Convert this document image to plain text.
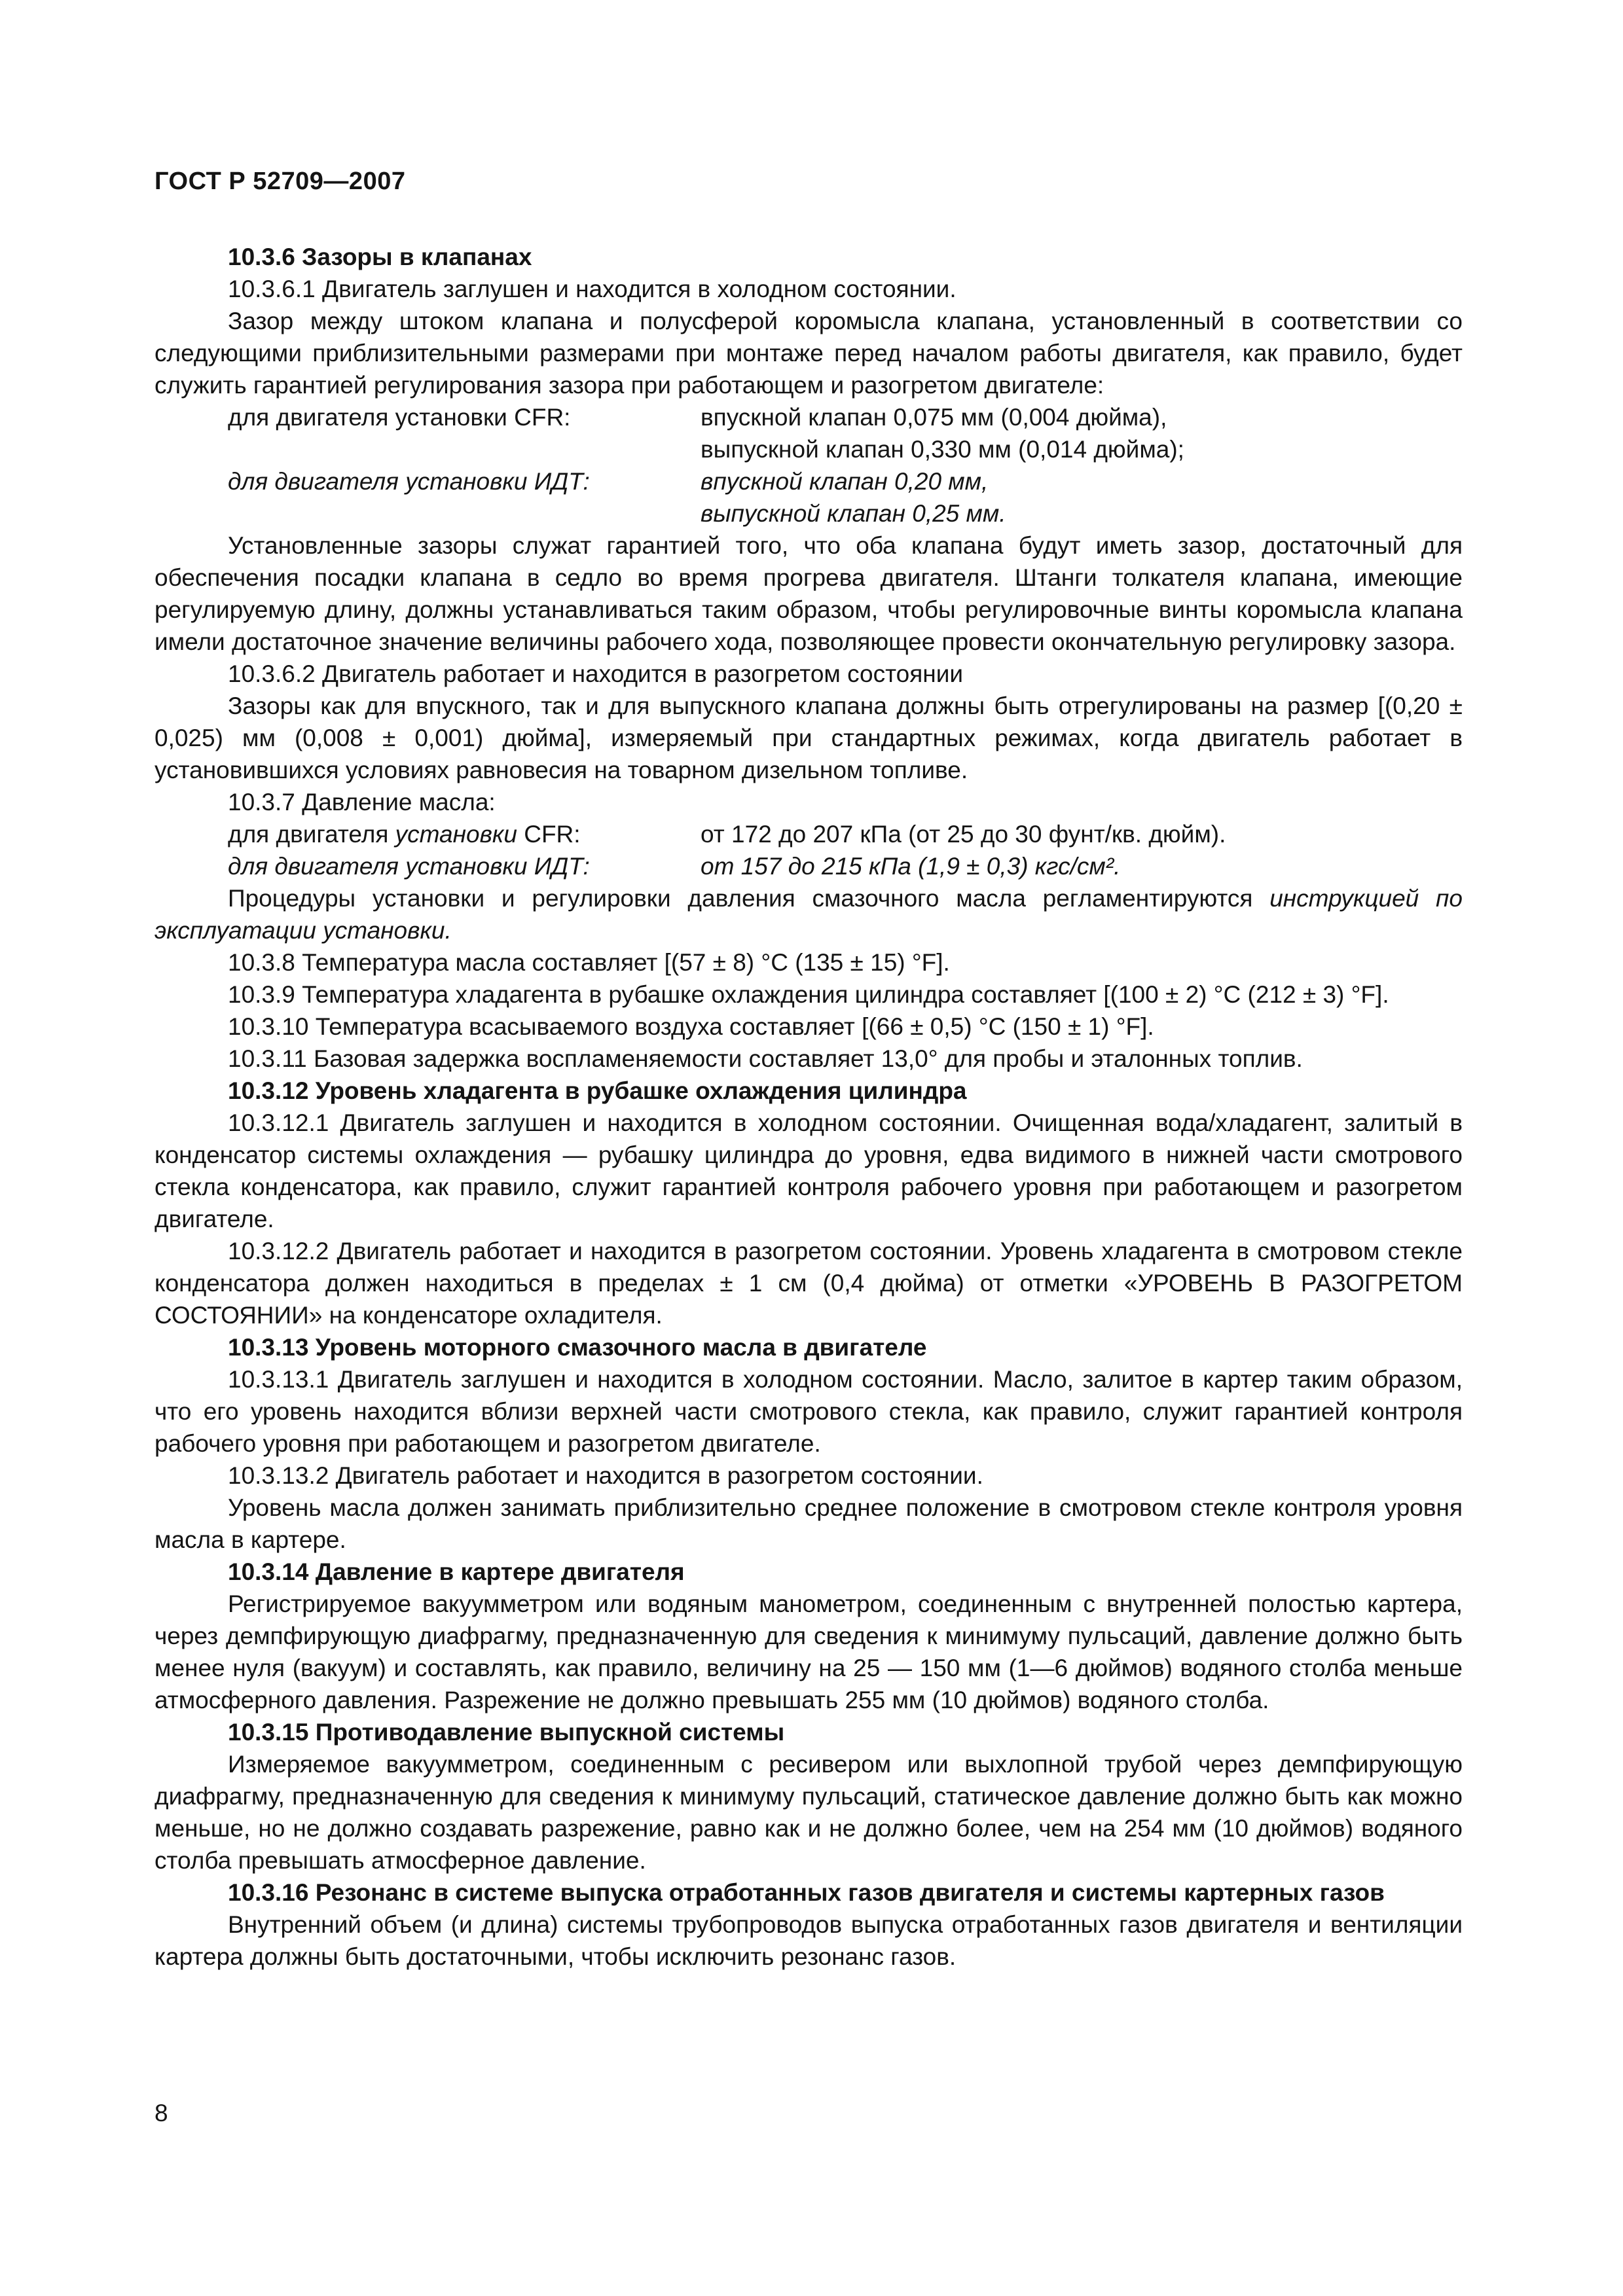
ГОСТ Р 52709—2007

10.3.6 Зазоры в клапанах

10.3.6.1 Двигатель заглушен и находится в холодном состоянии.

Зазор между штоком клапана и полусферой коромысла клапана, установленный в соответствии со следующими приблизительными размерами при монтаже перед началом работы двигателя, как правило, будет служить гарантией регулирования зазора при работающем и разогретом двигателе:

для двигателя установки CFR:	впускной клапан 0,075 мм (0,004 дюйма),
выпускной клапан 0,330 мм (0,014 дюйма);
для двигателя установки ИДТ:	впускной клапан 0,20 мм,
выпускной клапан 0,25 мм.

Установленные зазоры служат гарантией того, что оба клапана будут иметь зазор, достаточный для обеспечения посадки клапана в седло во время прогрева двигателя. Штанги толкателя клапана, имеющие регулируемую длину, должны устанавливаться таким образом, чтобы регулировочные винты коромысла клапана имели достаточное значение величины рабочего хода, позволяющее провести окончательную регулировку зазора.

10.3.6.2 Двигатель работает и находится в разогретом состоянии

Зазоры как для впускного, так и для выпускного клапана должны быть отрегулированы на размер [(0,20 ± 0,025) мм (0,008 ± 0,001) дюйма], измеряемый при стандартных режимах, когда двигатель работает в установившихся условиях равновесия на товарном дизельном топливе.

10.3.7 Давление масла:

для двигателя установки CFR:	от 172 до 207 кПа (от 25 до 30 фунт/кв. дюйм).
для двигателя установки ИДТ:	от 157 до 215 кПа (1,9 ± 0,3) кгс/см².

Процедуры установки и регулировки давления смазочного масла регламентируются инструкцией по эксплуатации установки.

10.3.8 Температура масла составляет [(57 ± 8) °С (135 ± 15) °F].

10.3.9 Температура хладагента в рубашке охлаждения цилиндра составляет [(100 ± 2) °С (212 ± 3) °F].

10.3.10 Температура всасываемого воздуха составляет [(66 ± 0,5) °С (150 ± 1) °F].

10.3.11 Базовая задержка воспламеняемости составляет 13,0° для пробы и эталонных топлив.

10.3.12 Уровень хладагента в рубашке охлаждения цилиндра

10.3.12.1 Двигатель заглушен и находится в холодном состоянии. Очищенная вода/хладагент, залитый в конденсатор системы охлаждения — рубашку цилиндра до уровня, едва видимого в нижней части смотрового стекла конденсатора, как правило, служит гарантией контроля рабочего уровня при работающем и разогретом двигателе.

10.3.12.2 Двигатель работает и находится в разогретом состоянии. Уровень хладагента в смотровом стекле конденсатора должен находиться в пределах ± 1 см (0,4 дюйма) от отметки «УРОВЕНЬ В РАЗОГРЕТОМ СОСТОЯНИИ» на конденсаторе охладителя.

10.3.13 Уровень моторного смазочного масла в двигателе

10.3.13.1 Двигатель заглушен и находится в холодном состоянии. Масло, залитое в картер таким образом, что его уровень находится вблизи верхней части смотрового стекла, как правило, служит гарантией контроля рабочего уровня при работающем и разогретом двигателе.

10.3.13.2 Двигатель работает и находится в разогретом состоянии.

Уровень масла должен занимать приблизительно среднее положение в смотровом стекле контроля уровня масла в картере.

10.3.14 Давление в картере двигателя

Регистрируемое вакуумметром или водяным манометром, соединенным с внутренней полостью картера, через демпфирующую диафрагму, предназначенную для сведения к минимуму пульсаций, давление должно быть менее нуля (вакуум) и составлять, как правило, величину на 25 — 150 мм (1—6 дюймов) водяного столба меньше атмосферного давления. Разрежение не должно превышать 255 мм (10 дюймов) водяного столба.

10.3.15 Противодавление выпускной системы

Измеряемое вакуумметром, соединенным с ресивером или выхлопной трубой через демпфирующую диафрагму, предназначенную для сведения к минимуму пульсаций, статическое давление должно быть как можно меньше, но не должно создавать разрежение, равно как и не должно более, чем на 254 мм (10 дюймов) водяного столба превышать атмосферное давление.

10.3.16 Резонанс в системе выпуска отработанных газов двигателя и системы картерных газов

Внутренний объем (и длина) системы трубопроводов выпуска отработанных газов двигателя и вентиляции картера должны быть достаточными, чтобы исключить резонанс газов.

8
